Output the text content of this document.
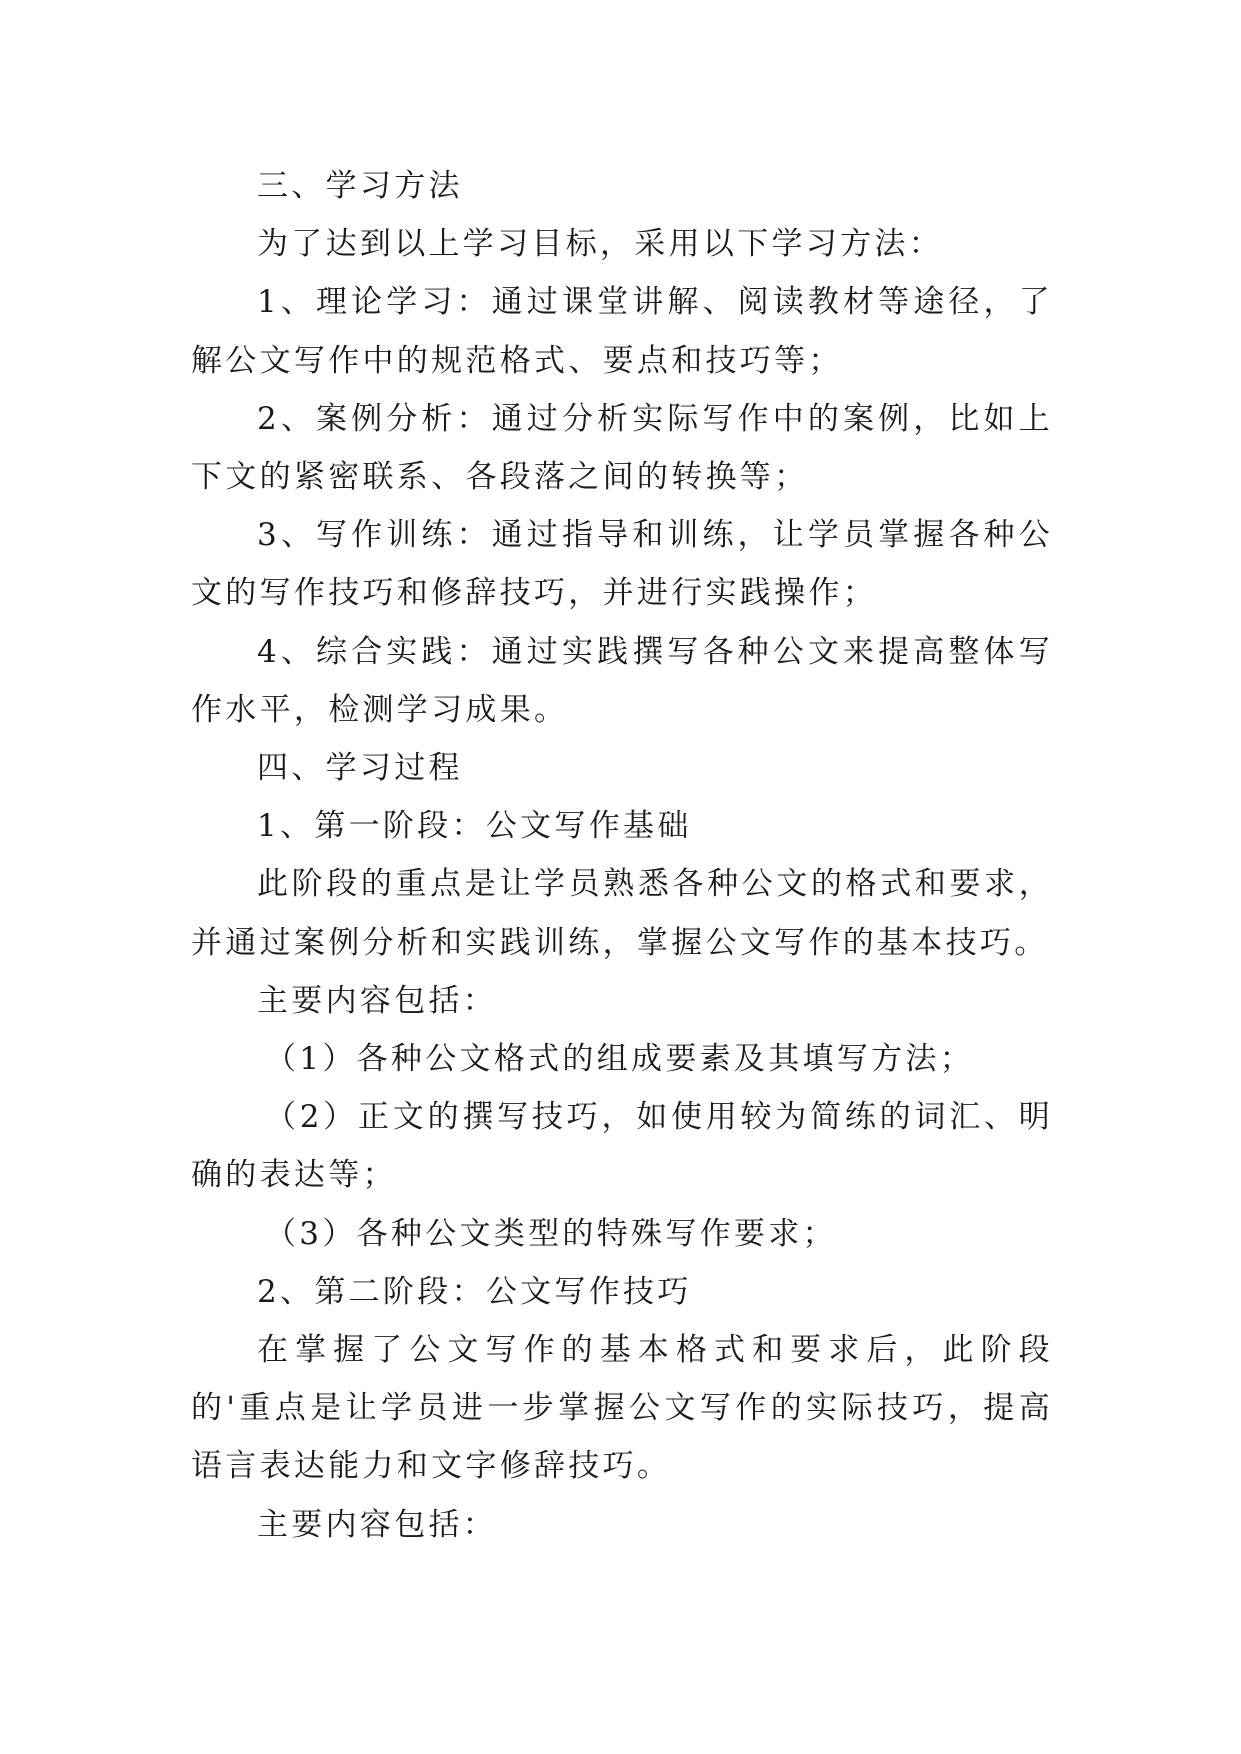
三、学习方法

为了达到以上学习目标，采用以下学习方法：

1、理论学习：通过课堂讲解、阅读教材等途径，了解公文写作中的规范格式、要点和技巧等；

2、案例分析：通过分析实际写作中的案例，比如上下文的紧密联系、各段落之间的转换等；

3、写作训练：通过指导和训练，让学员掌握各种公文的写作技巧和修辞技巧，并进行实践操作；

4、综合实践：通过实践撰写各种公文来提高整体写作水平，检测学习成果。

四、学习过程

1、第一阶段：公文写作基础

此阶段的重点是让学员熟悉各种公文的格式和要求，并通过案例分析和实践训练，掌握公文写作的基本技巧。

主要内容包括：

（1）各种公文格式的组成要素及其填写方法；

（2）正文的撰写技巧，如使用较为简练的词汇、明确的表达等；

（3）各种公文类型的特殊写作要求；

2、第二阶段：公文写作技巧

在掌握了公文写作的基本格式和要求后，此阶段的'重点是让学员进一步掌握公文写作的实际技巧，提高语言表达能力和文字修辞技巧。

主要内容包括：
